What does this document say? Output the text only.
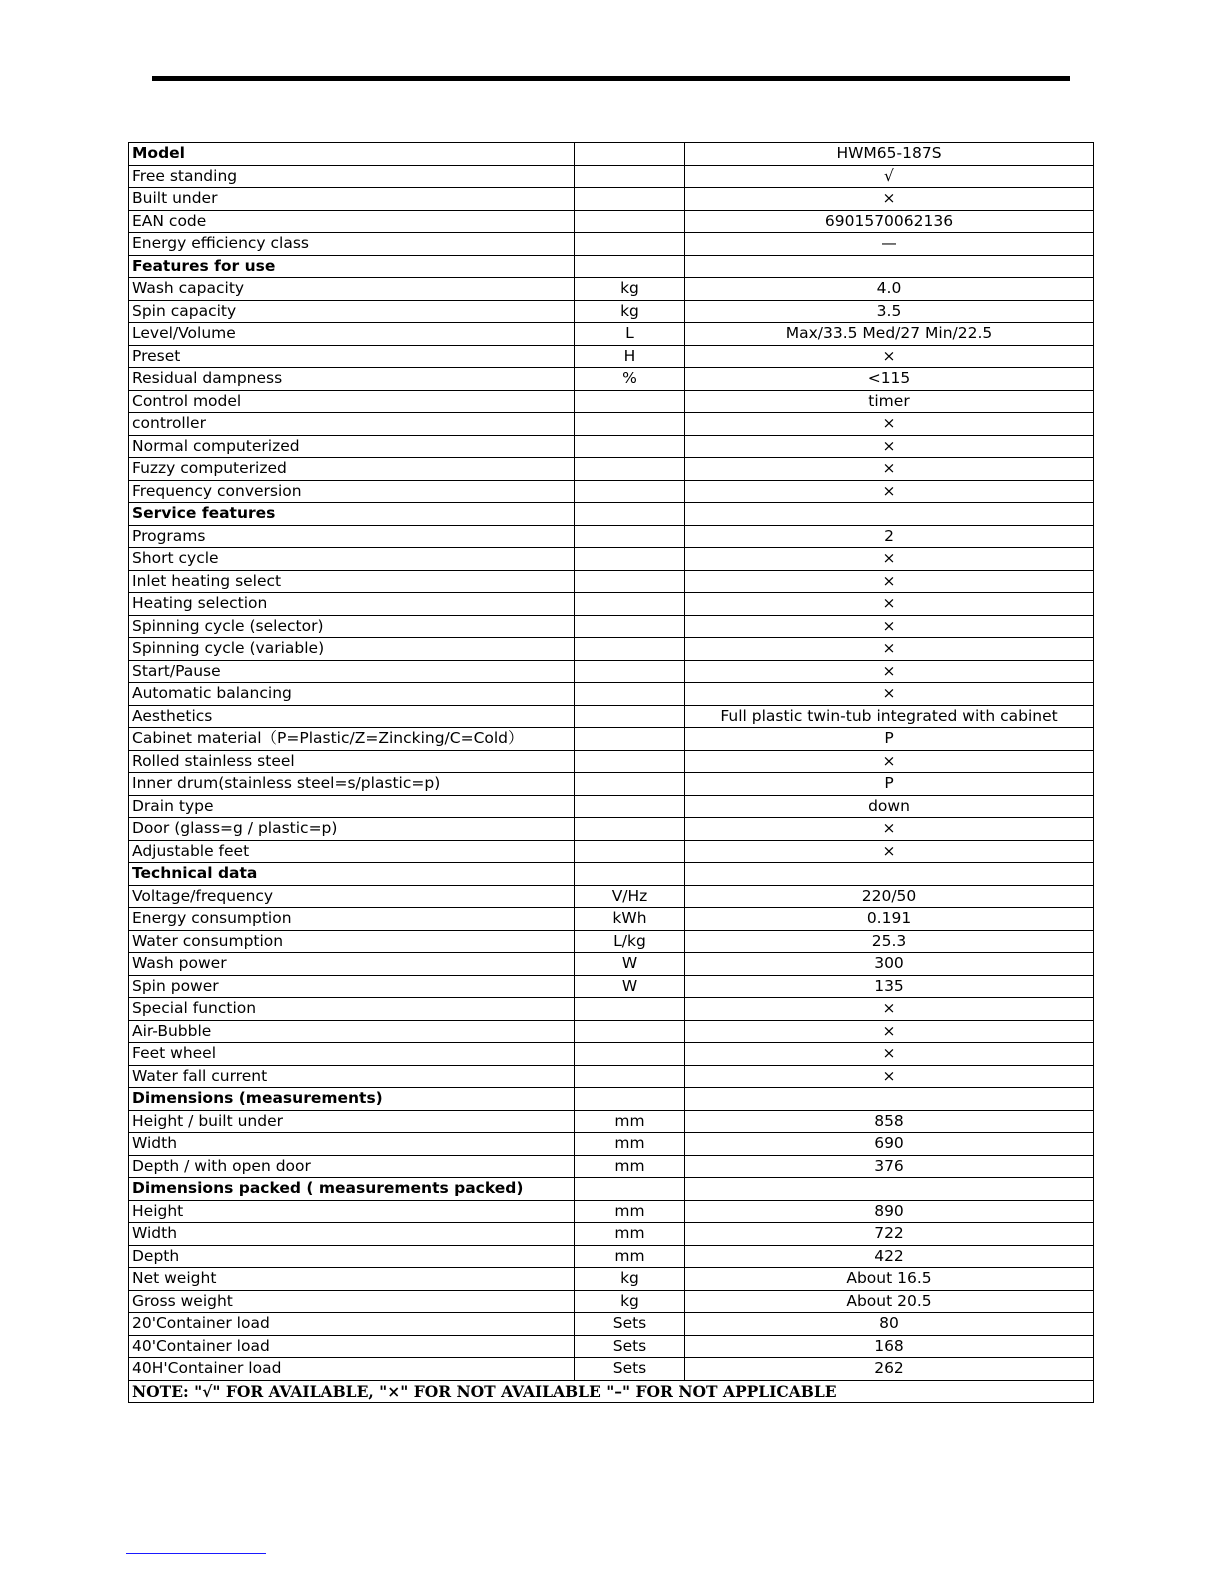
Model		HWM65-187S
Free standing		√
Built under		×
EAN code		6901570062136
Energy efficiency class		—
Features for use		
Wash capacity	kg	4.0
Spin capacity	kg	3.5
Level/Volume	L	Max/33.5 Med/27 Min/22.5
Preset	H	×
Residual dampness	%	<115
Control model		timer
controller		×
Normal computerized		×
Fuzzy computerized		×
Frequency conversion		×
Service features		
Programs		2
Short cycle		×
Inlet heating select		×
Heating selection		×
Spinning cycle (selector)		×
Spinning cycle (variable)		×
Start/Pause		×
Automatic balancing		×
Aesthetics		Full plastic twin-tub integrated with cabinet
Cabinet material（P=Plastic/Z=Zincking/C=Cold）		P
Rolled stainless steel		×
Inner drum(stainless steel=s/plastic=p)		P
Drain type		down
Door (glass=g / plastic=p)		×
Adjustable feet		×
Technical data		
Voltage/frequency	V/Hz	220/50
Energy consumption	kWh	0.191
Water consumption	L/kg	25.3
Wash power	W	300
Spin power	W	135
Special function		×
Air-Bubble		×
Feet wheel		×
Water fall current		×
Dimensions (measurements)		
Height / built under	mm	858
Width	mm	690
Depth / with open door	mm	376
Dimensions packed ( measurements packed)		
Height	mm	890
Width	mm	722
Depth	mm	422
Net weight	kg	About 16.5
Gross weight	kg	About 20.5
20'Container load	Sets	80
40'Container load	Sets	168
40H'Container load	Sets	262
NOTE: "√" FOR AVAILABLE, "×" FOR NOT AVAILABLE "–" FOR NOT APPLICABLE		
